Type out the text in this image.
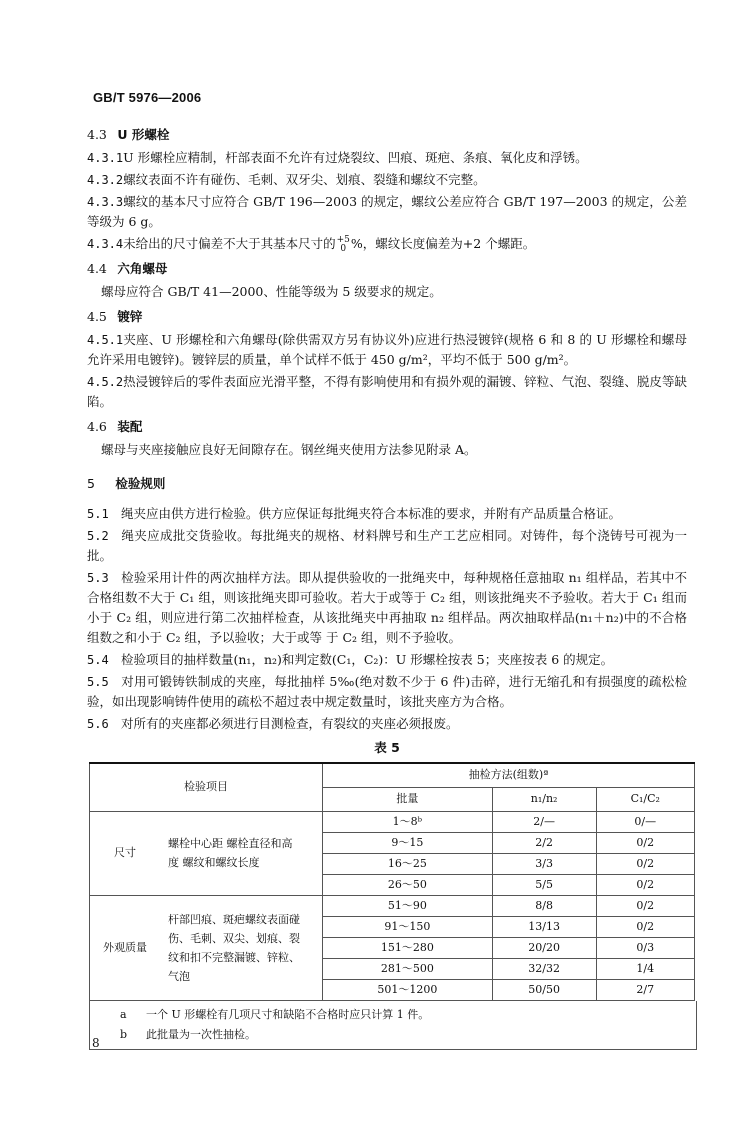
GB/T 5976—2006
4.3 U 形螺栓

4.3.1U 形螺栓应精制，杆部表面不允许有过烧裂纹、凹痕、斑疤、条痕、氧化皮和浮锈。

4.3.2螺纹表面不许有碰伤、毛刺、双牙尖、划痕、裂缝和螺纹不完整。

4.3.3螺纹的基本尺寸应符合 GB/T 196—2003 的规定，螺纹公差应符合 GB/T 197—2003 的规定，公差等级为 6 g。

4.3.4未给出的尺寸偏差不大于其基本尺寸的 +5
0 %，螺纹长度偏差为+2 个螺距。

4.4 六角螺母

螺母应符合 GB/T 41—2000、性能等级为 5 级要求的规定。

4.5 镀锌

4.5.1夹座、U 形螺栓和六角螺母(除供需双方另有协议外)应进行热浸镀锌(规格 6 和 8 的 U 形螺栓和螺母允许采用电镀锌)。镀锌层的质量，单个试样不低于 450 g/m²，平均不低于 500 g/m²。

4.5.2热浸镀锌后的零件表面应光滑平整，不得有影响使用和有损外观的漏镀、锌粒、气泡、裂缝、脱皮等缺陷。

4.6 装配

螺母与夹座接触应良好无间隙存在。钢丝绳夹使用方法参见附录 A。

5 检验规则

5.1 绳夹应由供方进行检验。供方应保证每批绳夹符合本标准的要求，并附有产品质量合格证。

5.2 绳夹应成批交货验收。每批绳夹的规格、材料牌号和生产工艺应相同。对铸件，每个浇铸号可视为一批。

5.3 检验采用计件的两次抽样方法。即从提供验收的一批绳夹中，每种规格任意抽取 n₁ 组样品，若其中不合格组数不大于 C₁ 组，则该批绳夹即可验收。若大于或等于 C₂ 组，则该批绳夹不予验收。若大于 C₁ 组而小于 C₂ 组，则应进行第二次抽样检查，从该批绳夹中再抽取 n₂ 组样品。两次抽取样品(n₁＋n₂)中的不合格组数之和小于 C₂ 组，予以验收；大于或等 于 C₂ 组，则不予验收。

5.4 检验项目的抽样数量(n₁，n₂)和判定数(C₁，C₂)：U 形螺栓按表 5；夹座按表 6 的规定。

5.5 对用可锻铸铁制成的夹座，每批抽样 5‰(绝对数不少于 6 件)击碎，进行无缩孔和有损强度的疏松检验，如出现影响铸件使用的疏松不超过表中规定数量时，该批夹座方为合格。

5.6 对所有的夹座都必须进行目测检查，有裂纹的夹座必须报废。

表 5
检验项目	抽检方法(组数)ª		
	批量	n₁/n₂	C₁/C₂

尺寸
螺栓中心距 螺栓直径和高度 螺纹和螺纹长度	1～8ᵇ	2/—	0/—
	9～15	2/2	0/2
	16～25	3/3	0/2
	26～50	5/5	0/2

外观质量
杆部凹痕、斑疤螺纹表面碰伤、毛刺、双尖、划痕、裂纹和扣不完整漏镀、锌粒、气泡	51～90	8/8	0/2
	91～150	13/13	0/2
	151～280	20/20	0/3
	281～500	32/32	1/4
	501～1200	50/50	2/7
a 一个 U 形螺栓有几项尺寸和缺陷不合格时应只计算 1 件。
b 此批量为一次性抽检。
8
